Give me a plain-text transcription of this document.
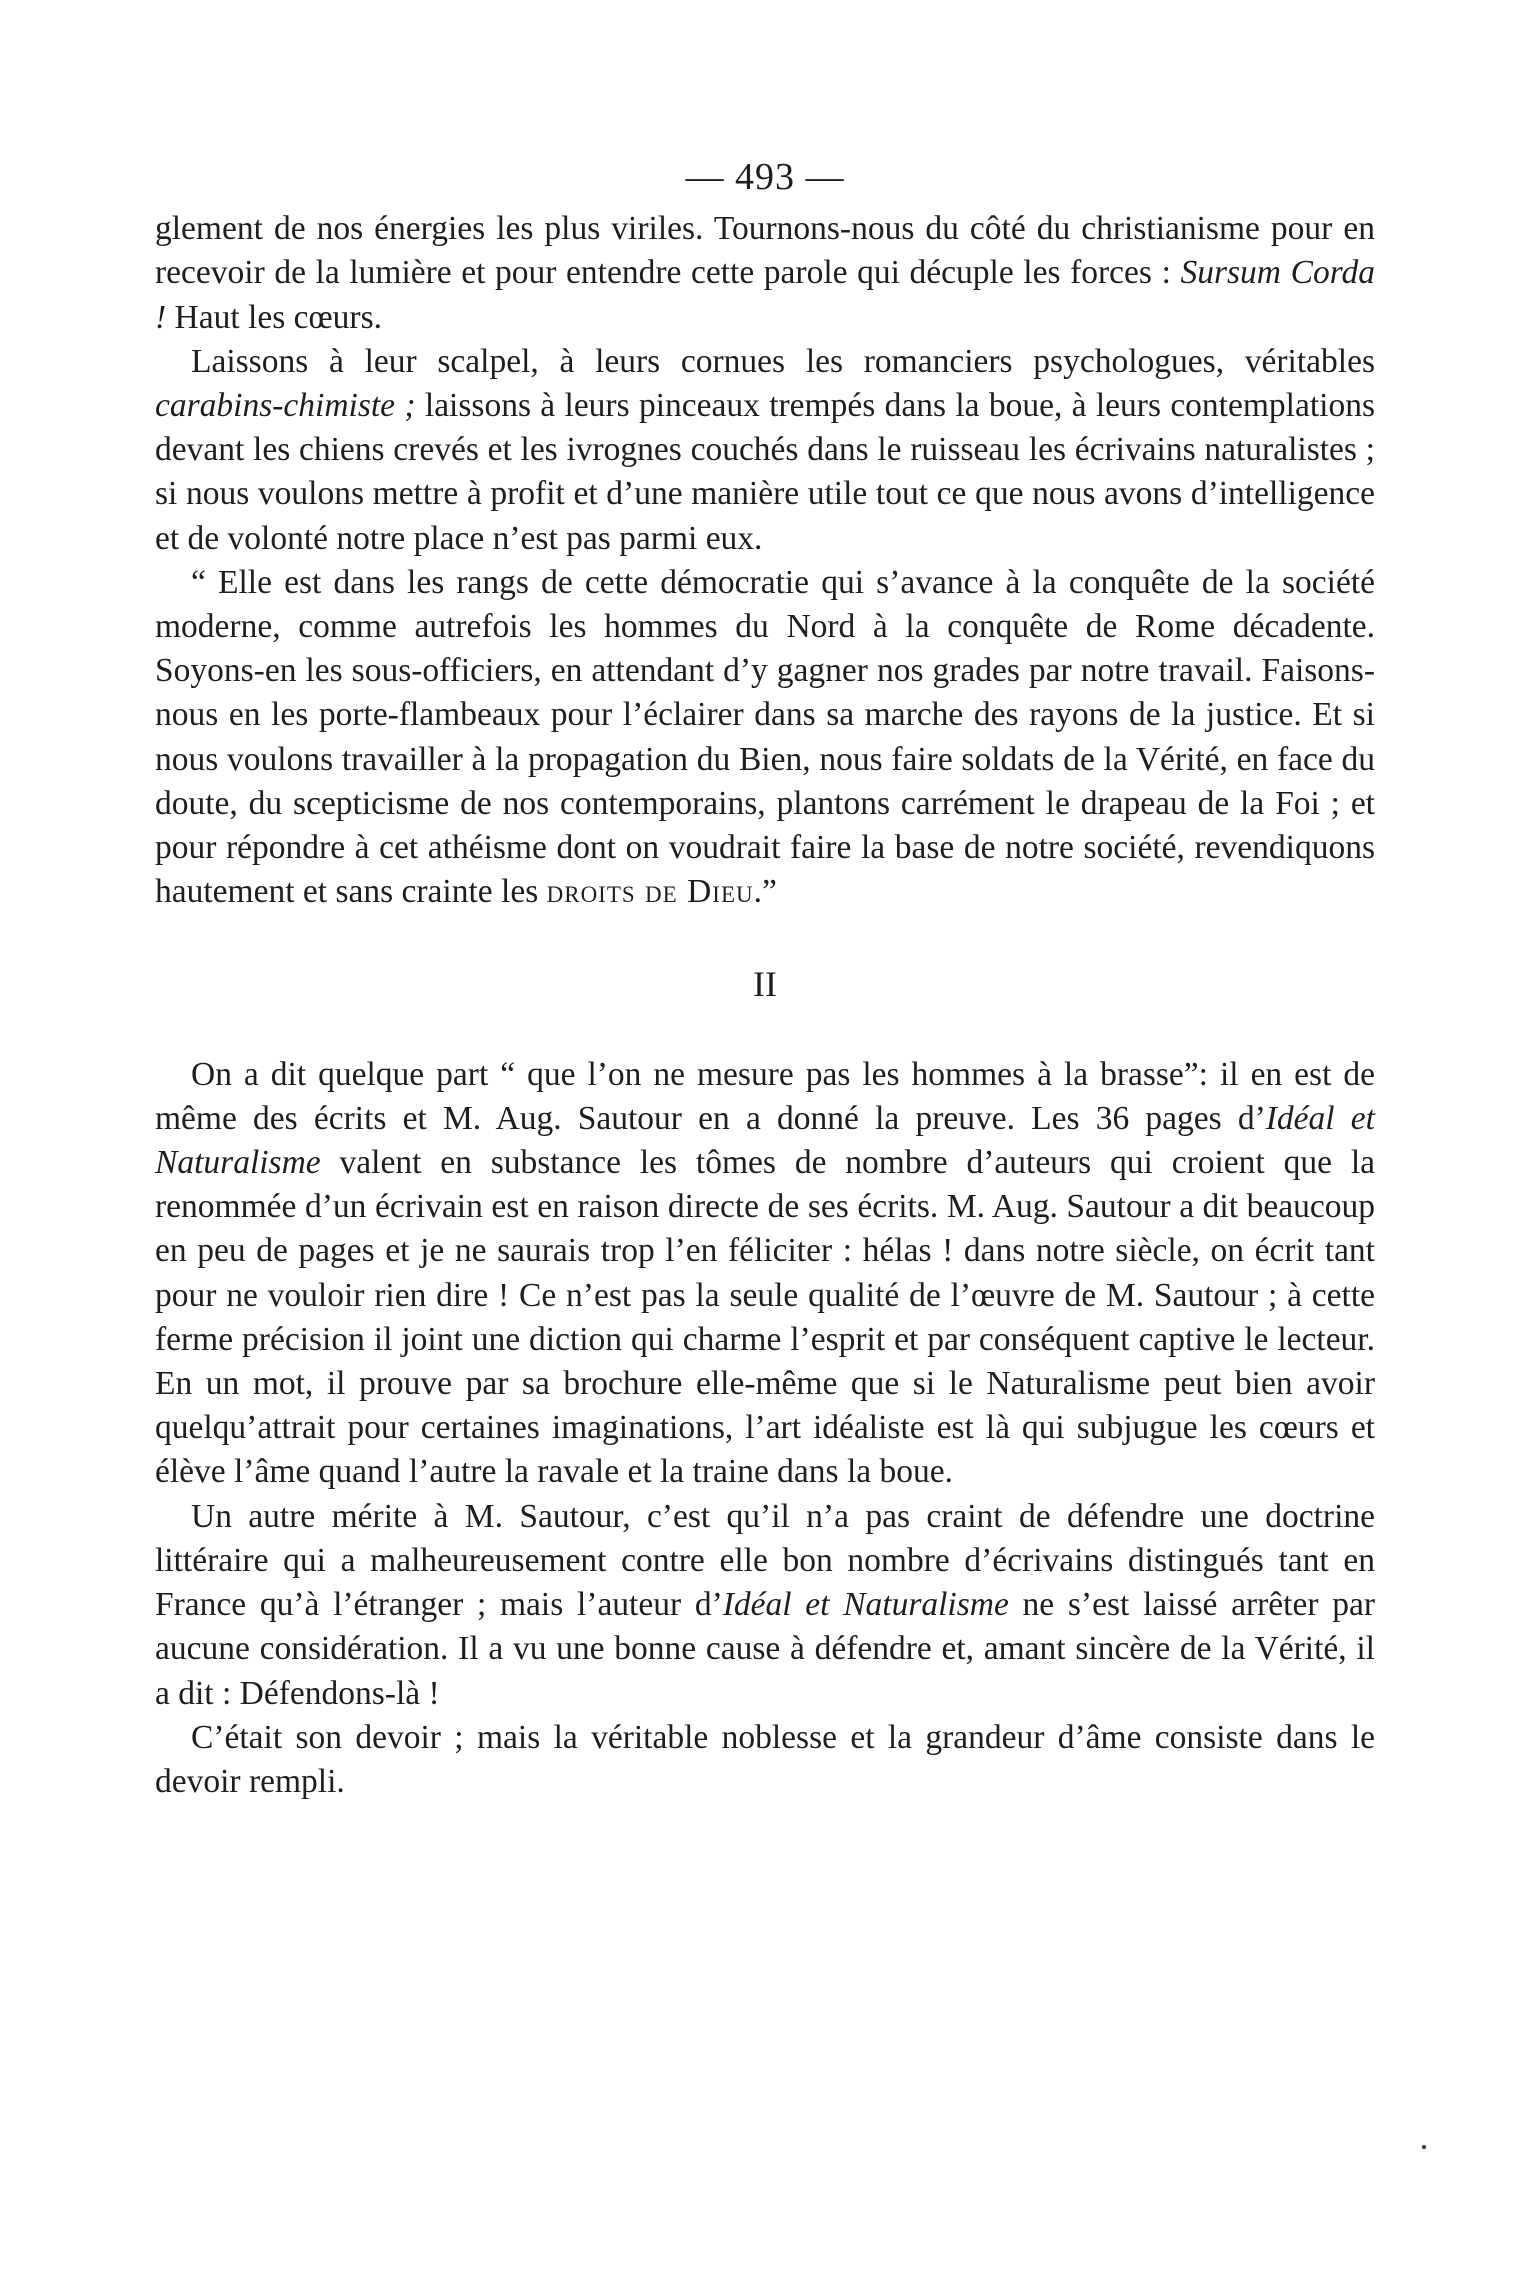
— 493 —

glement de nos énergies les plus viriles. Tournons-nous du côté du christianisme pour en recevoir de la lumière et pour entendre cette parole qui décuple les forces : Sursum Corda ! Haut les cœurs.

Laissons à leur scalpel, à leurs cornues les romanciers psychologues, véritables carabins-chimiste ; laissons à leurs pinceaux trempés dans la boue, à leurs contemplations devant les chiens crevés et les ivrognes couchés dans le ruisseau les écrivains naturalistes ; si nous voulons mettre à profit et d’une manière utile tout ce que nous avons d’intelligence et de volonté notre place n’est pas parmi eux.

“ Elle est dans les rangs de cette démocratie qui s’avance à la conquête de la société moderne, comme autrefois les hommes du Nord à la conquête de Rome décadente. Soyons-en les sous-officiers, en attendant d’y gagner nos grades par notre travail. Faisons-nous en les porte-flambeaux pour l’éclairer dans sa marche des rayons de la justice. Et si nous voulons travailler à la propagation du Bien, nous faire soldats de la Vérité, en face du doute, du scepticisme de nos contemporains, plantons carrément le drapeau de la Foi ; et pour répondre à cet athéisme dont on voudrait faire la base de notre société, revendiquons hautement et sans crainte les droits de Dieu.”

II

On a dit quelque part “ que l’on ne mesure pas les hommes à la brasse”: il en est de même des écrits et M. Aug. Sautour en a donné la preuve. Les 36 pages d’Idéal et Naturalisme valent en substance les tômes de nombre d’auteurs qui croient que la renommée d’un écrivain est en raison directe de ses écrits. M. Aug. Sautour a dit beaucoup en peu de pages et je ne saurais trop l’en féliciter : hélas ! dans notre siècle, on écrit tant pour ne vouloir rien dire ! Ce n’est pas la seule qualité de l’œuvre de M. Sautour ; à cette ferme précision il joint une diction qui charme l’esprit et par conséquent captive le lecteur. En un mot, il prouve par sa brochure elle-même que si le Naturalisme peut bien avoir quelqu’attrait pour certaines imaginations, l’art idéaliste est là qui subjugue les cœurs et élève l’âme quand l’autre la ravale et la traine dans la boue.

Un autre mérite à M. Sautour, c’est qu’il n’a pas craint de défendre une doctrine littéraire qui a malheureusement contre elle bon nombre d’écrivains distingués tant en France qu’à l’étranger ; mais l’auteur d’Idéal et Naturalisme ne s’est laissé arrêter par aucune considération. Il a vu une bonne cause à défendre et, amant sincère de la Vérité, il a dit : Défendons-là !

C’était son devoir ; mais la véritable noblesse et la grandeur d’âme consiste dans le devoir rempli.
